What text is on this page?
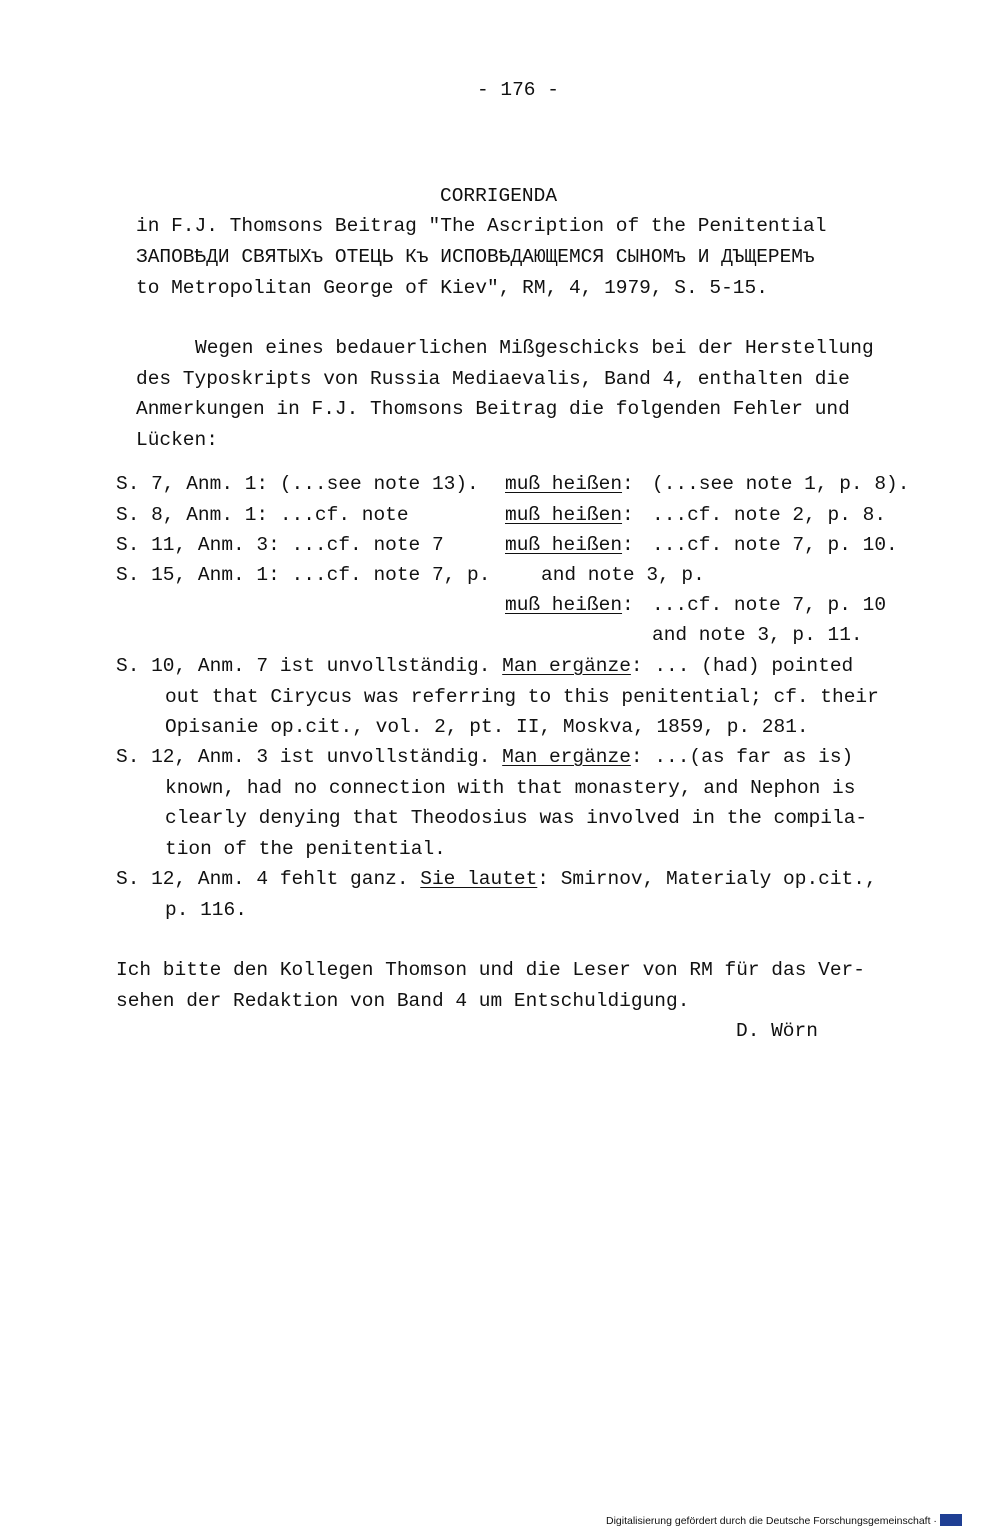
- 176 -
CORRIGENDA
in F.J. Thomsons Beitrag "The Ascription of the Penitential
ЗАПОВѢДИ СВЯТЫХъ ОТЕЦЬ Къ ИСПОВѢДАЮЩЕМСЯ СЫНОМъ И ДЪЩЕРЕМъ
to Metropolitan George of Kiev", RM, 4, 1979, S. 5-15.
Wegen eines bedauerlichen Mißgeschicks bei der Herstellung
des Typoskripts von Russia Mediaevalis, Band 4, enthalten die
Anmerkungen in F.J. Thomsons Beitrag die folgenden Fehler und
Lücken:
S. 7, Anm. 1: (...see note 13). muß heißen: (...see note 1, p. 8).
S. 8, Anm. 1: ...cf. note	muß heißen: ...cf. note 2, p. 8.
S. 11, Anm. 3: ...cf. note 7	muß heißen: ...cf. note 7, p. 10.
S. 15, Anm. 1: ...cf. note 7, p.	and note 3, p.
muß heißen: ...cf. note 7, p. 10
and note 3, p. 11.
S. 10, Anm. 7 ist unvollständig. Man ergänze: ... (had) pointed
out that Cirycus was referring to this penitential; cf. their
Opisanie op.cit., vol. 2, pt. II, Moskva, 1859, p. 281.
S. 12, Anm. 3 ist unvollständig. Man ergänze: ...(as far as is)
known, had no connection with that monastery, and Nephon is
clearly denying that Theodosius was involved in the compila-
tion of the penitential.
S. 12, Anm. 4 fehlt ganz. Sie lautet: Smirnov, Materialy op.cit.,
p. 116.
Ich bitte den Kollegen Thomson und die Leser von RM für das Ver-
sehen der Redaktion von Band 4 um Entschuldigung.
D. Wörn
Digitalisierung gefördert durch die Deutsche Forschungsgemeinschaft ·
